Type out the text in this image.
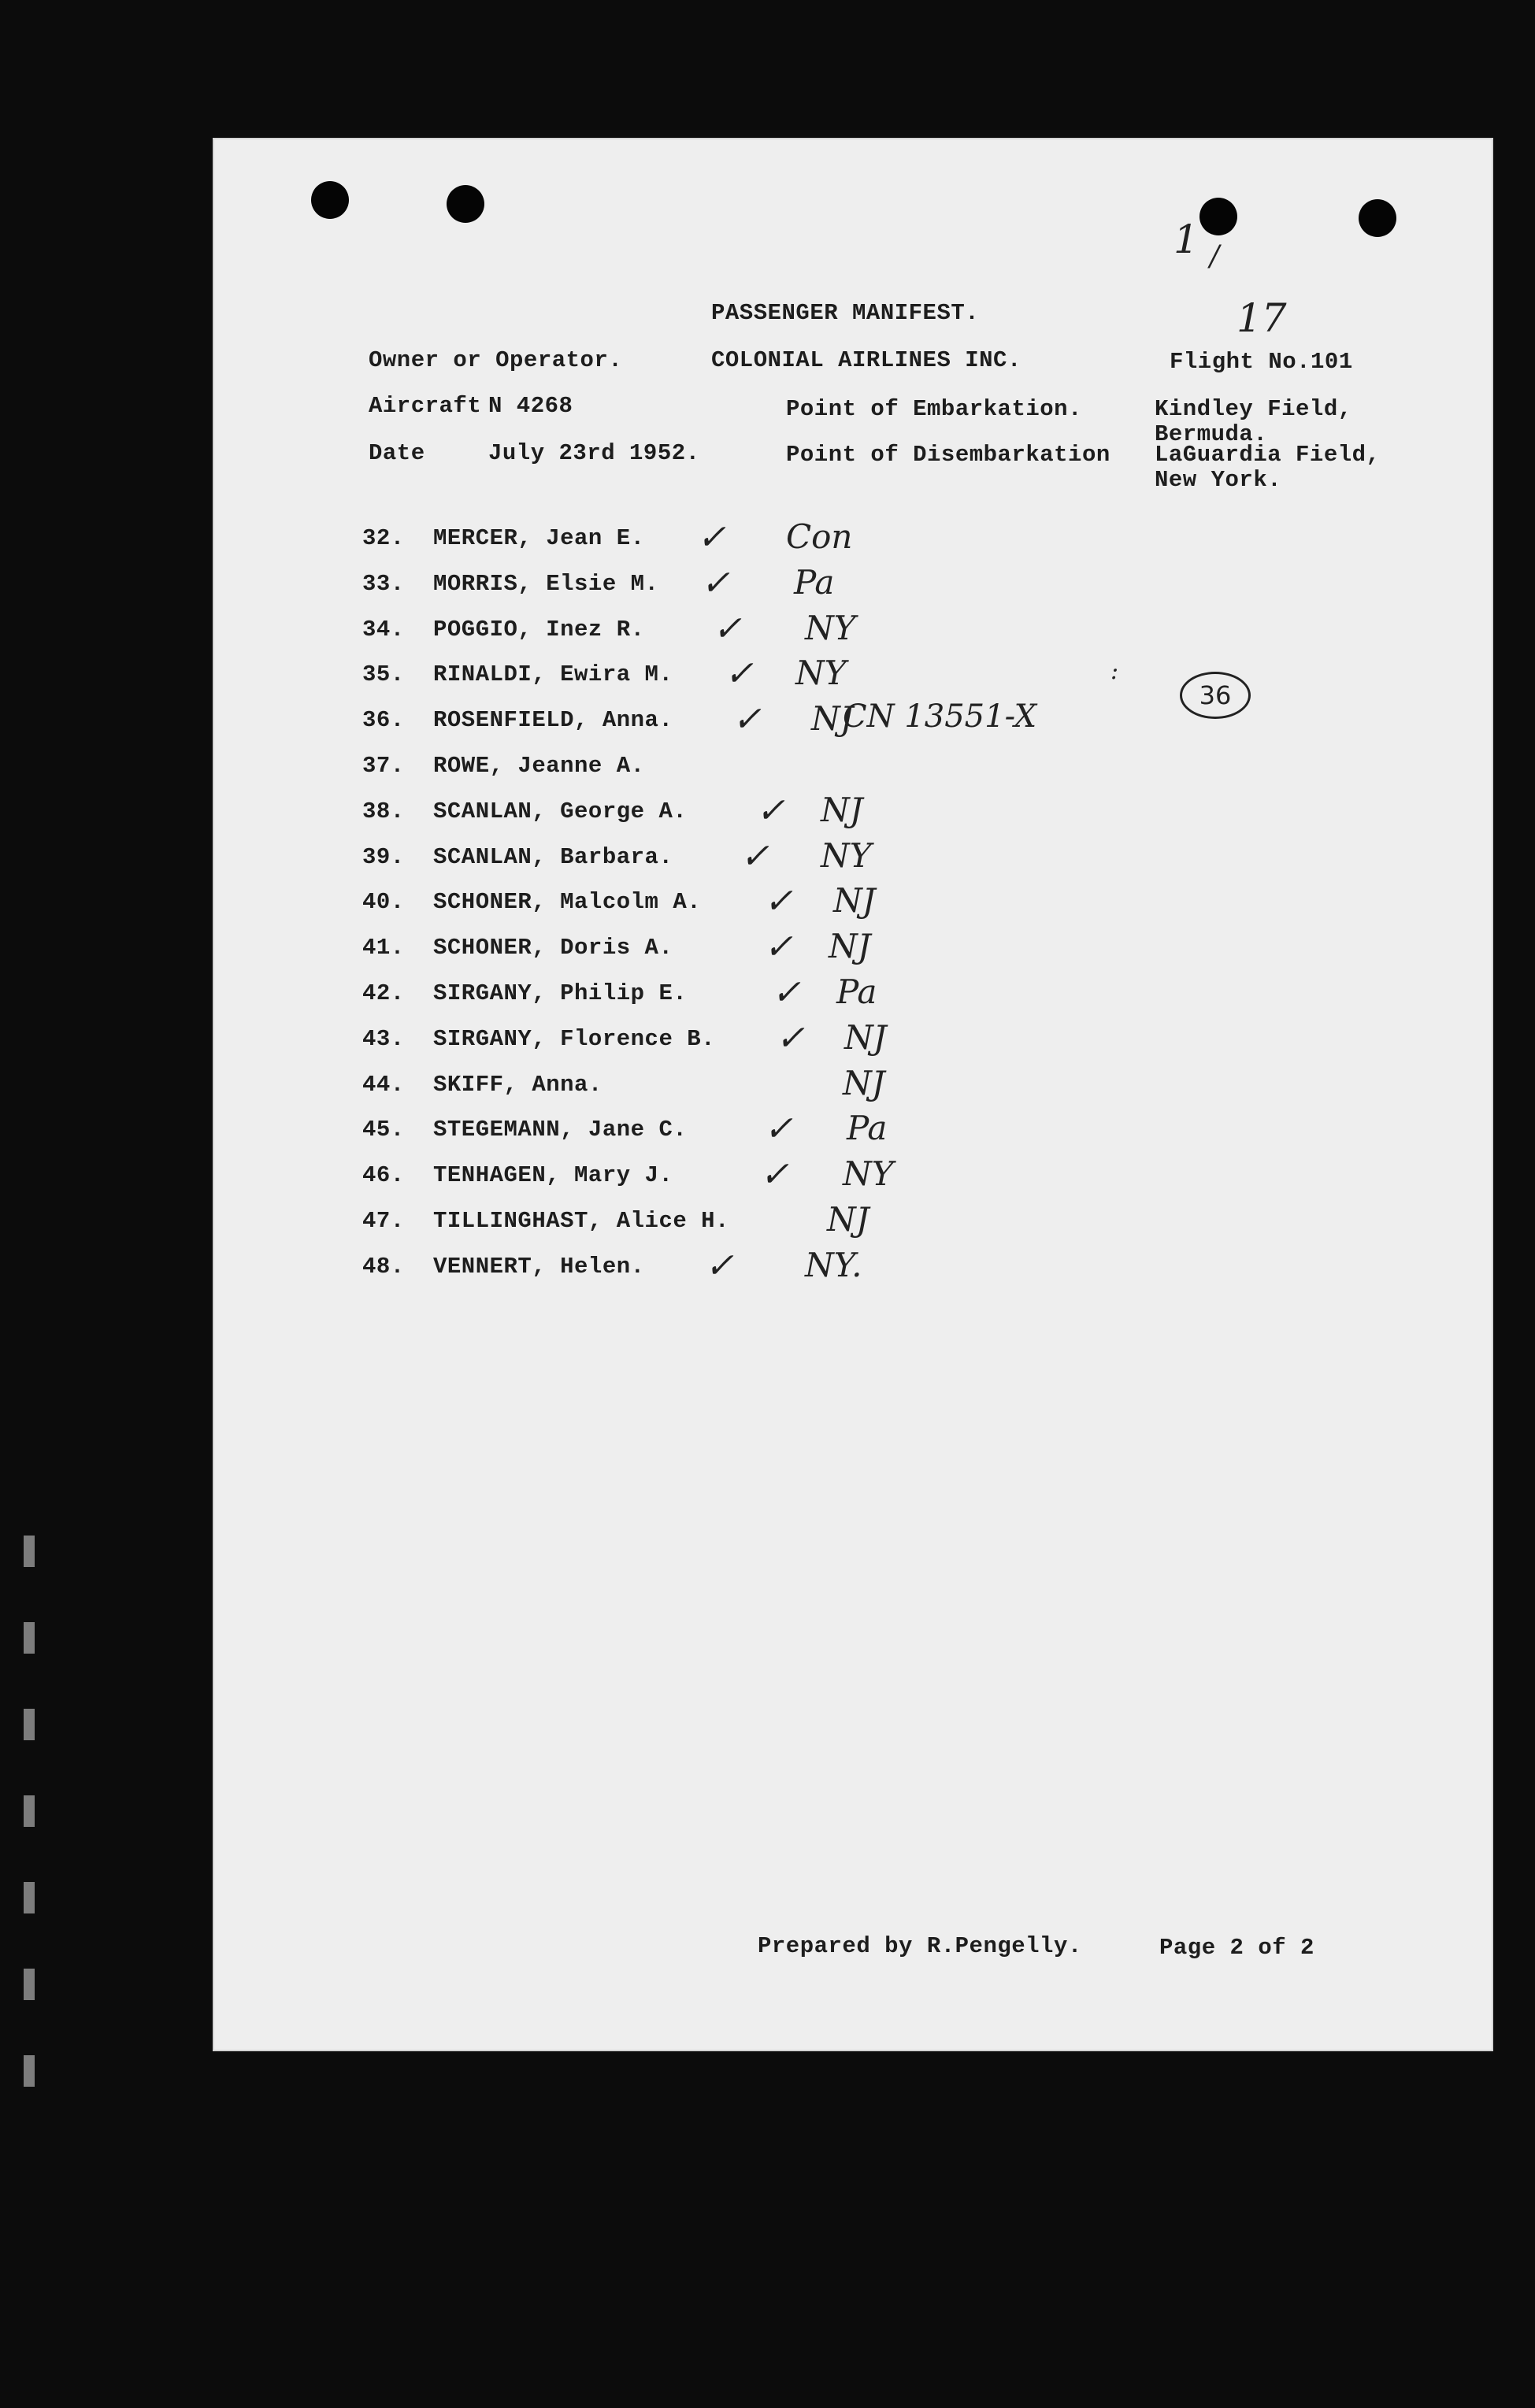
1 /
17
PASSENGER MANIFEST.
Owner or Operator.	COLONIAL AIRLINES INC.	Flight No.101
Aircraft N 4268	Point of Embarkation.	Kindley Field,
Bermuda.
Date	July 23rd 1952.	Point of Disembarkation LaGuardia Field,
New York.
36
:
CN 13551-X
32. MERCER, Jean E. ✓ Con
33. MORRIS, Elsie M. ✓ Pa
34. POGGIO, Inez R. ✓ NY
35. RINALDI, Ewira M. ✓ NY
36. ROSENFIELD, Anna. ✓ NJ
37. ROWE, Jeanne A.
38. SCANLAN, George A. ✓ NJ
39. SCANLAN, Barbara. ✓ NY
40. SCHONER, Malcolm A. ✓ NJ
41. SCHONER, Doris A.	✓ NJ
42. SIRGANY, Philip E. ✓ Pa
43. SIRGANY, Florence B. ✓ NJ
44. SKIFF, Anna.	NJ
45. STEGEMANN, Jane C. ✓ Pa
46. TENHAGEN, Mary J.	✓ NY
47. TILLINGHAST, Alice H.	NJ
48. VENNERT, Helen. ✓ NY.
Prepared by R.Pengelly.	Page 2 of 2
